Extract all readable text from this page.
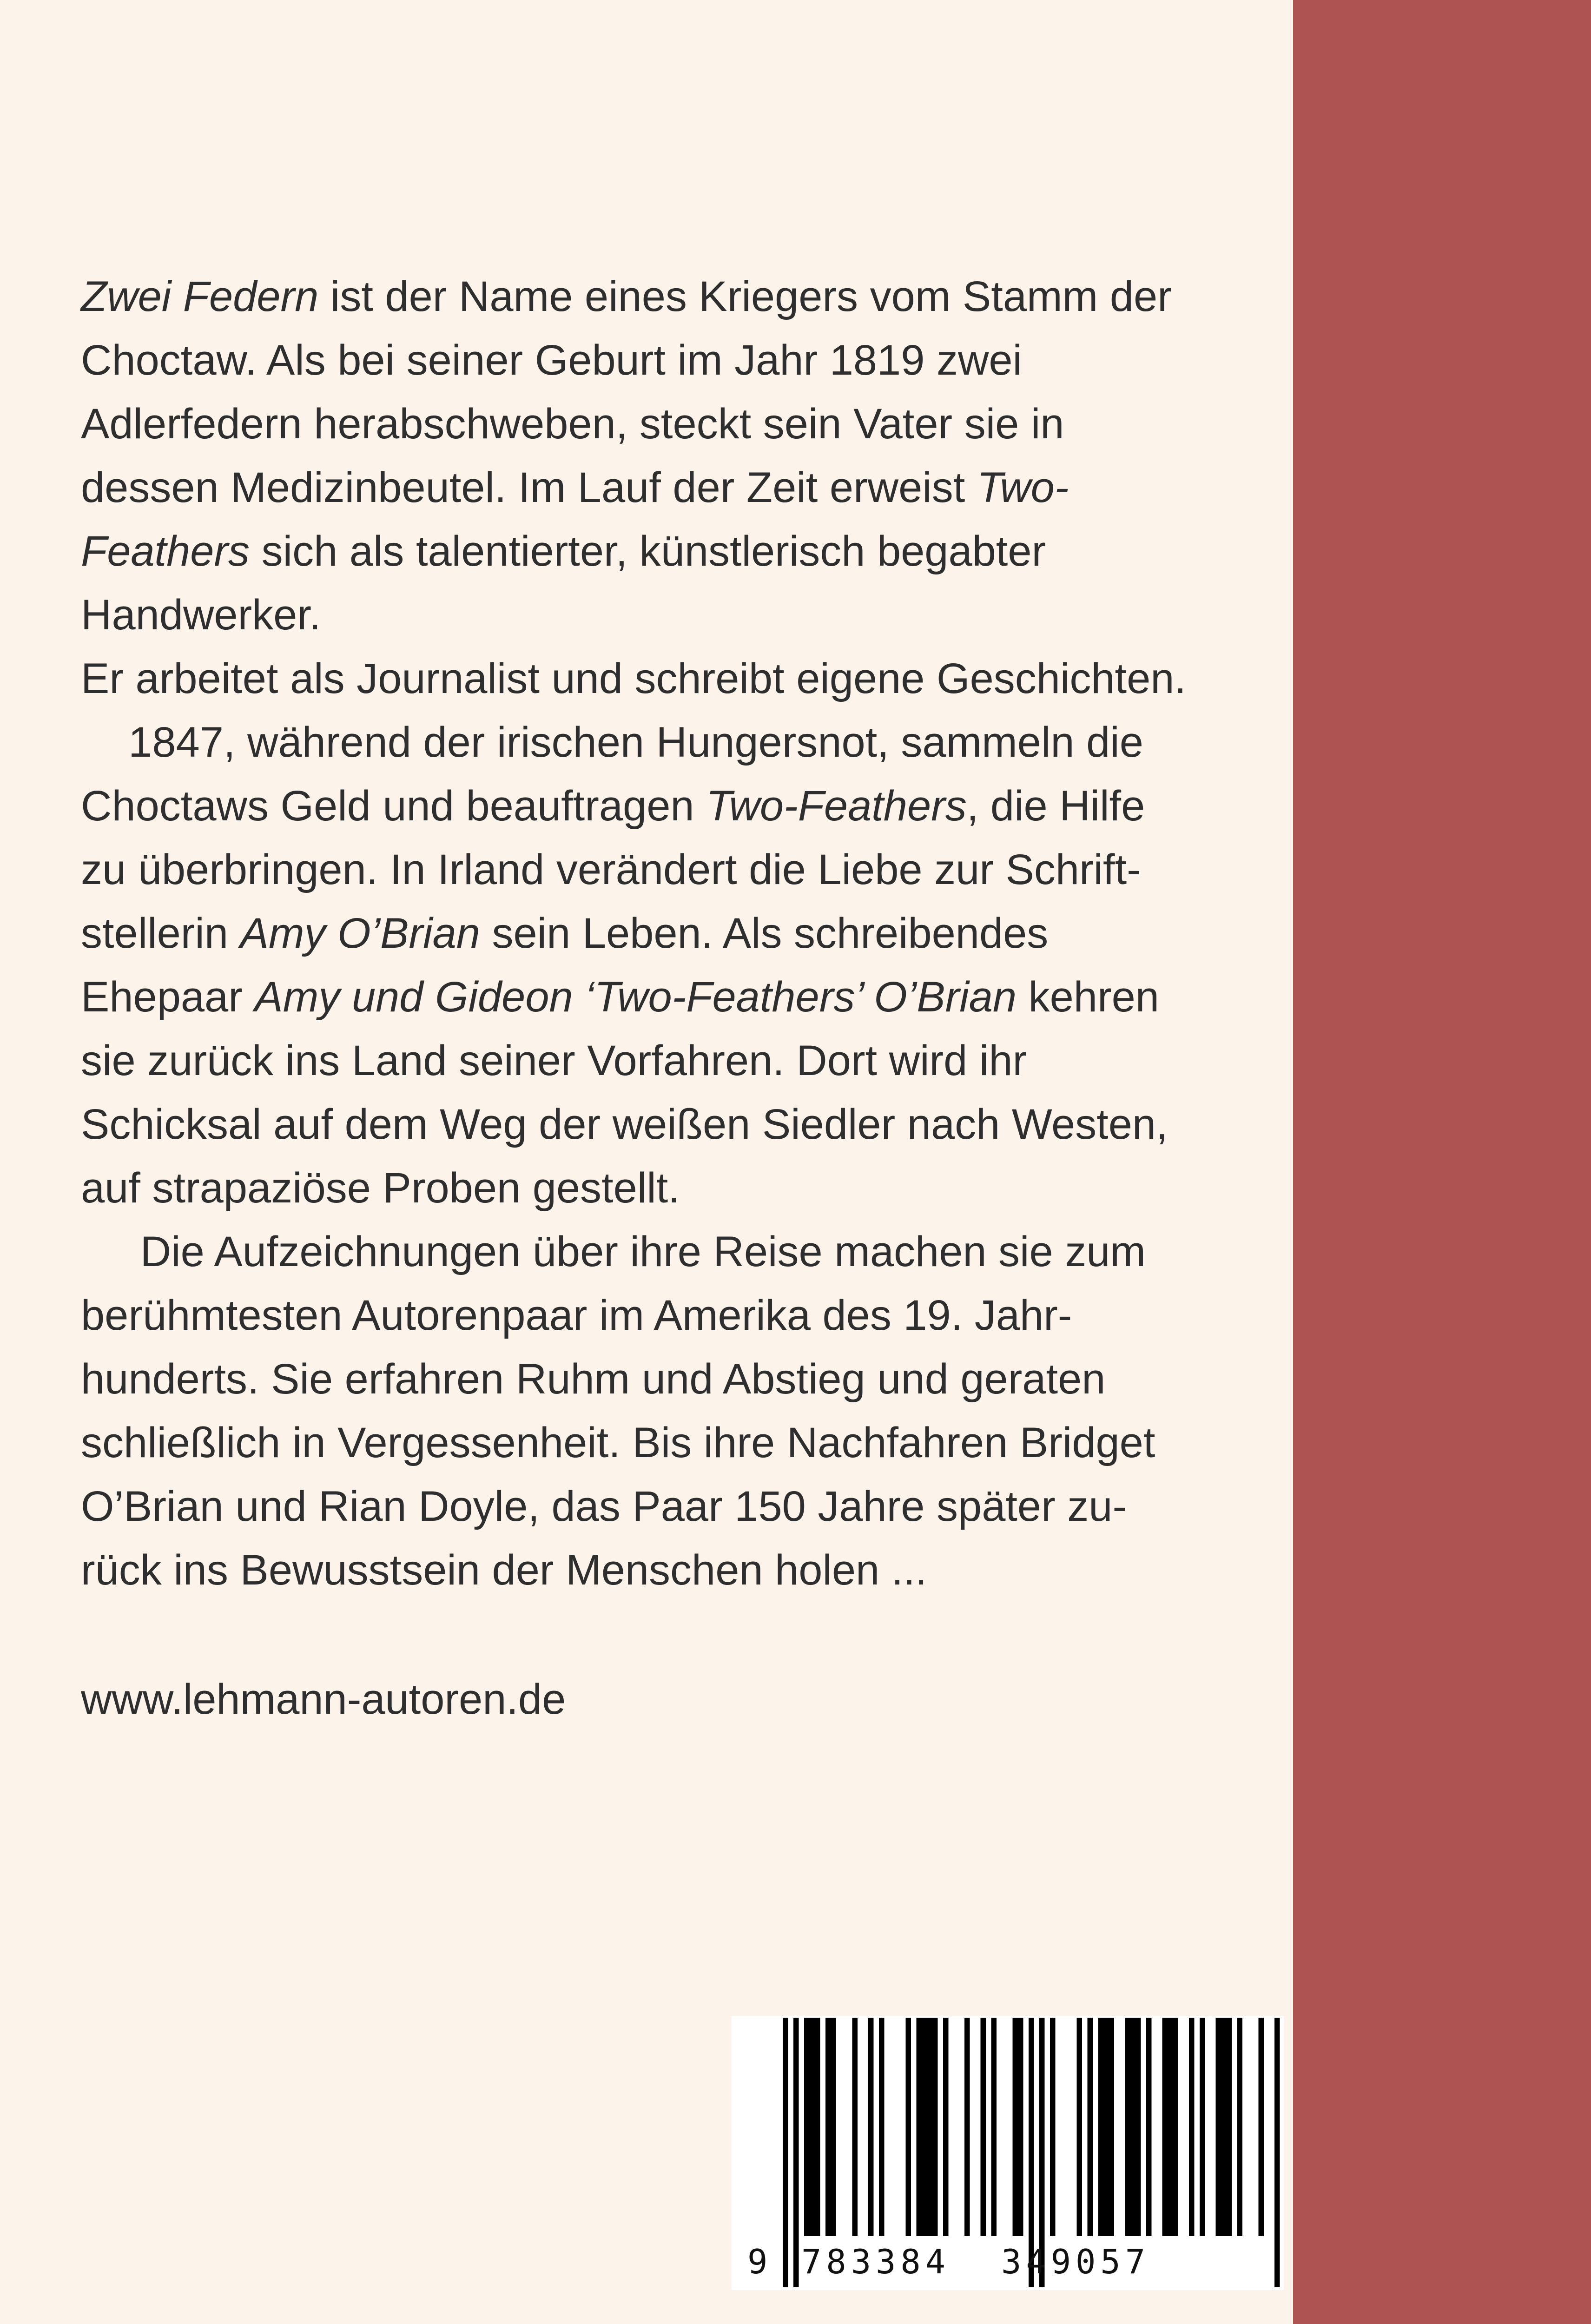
Zwei Federn ist der Name eines Kriegers vom Stamm der

Choctaw. Als bei seiner Geburt im Jahr 1819 zwei

Adlerfedern herabschweben, steckt sein Vater sie in

dessen Medizinbeutel. Im Lauf der Zeit erweist Two-

Feathers sich als talentierter, künstlerisch begabter

Handwerker.

Er arbeitet als Journalist und schreibt eigene Geschichten.

1847, während der irischen Hungersnot, sammeln die

Choctaws Geld und beauftragen Two-Feathers, die Hilfe

zu überbringen. In Irland verändert die Liebe zur Schrift-

stellerin Amy O’Brian sein Leben. Als schreibendes

Ehepaar Amy und Gideon ‘Two-Feathers’ O’Brian kehren

sie zurück ins Land seiner Vorfahren. Dort wird ihr

Schicksal auf dem Weg der weißen Siedler nach Westen,

auf strapaziöse Proben gestellt.

Die Aufzeichnungen über ihre Reise machen sie zum

berühmtesten Autorenpaar im Amerika des 19. Jahr-

hunderts. Sie erfahren Ruhm und Abstieg und geraten

schließlich in Vergessenheit. Bis ihre Nachfahren Bridget

O’Brian und Rian Doyle, das Paar 150 Jahre später zu-

rück ins Bewusstsein der Menschen holen ...

www.lehmann-autoren.de
9 783384 349057
